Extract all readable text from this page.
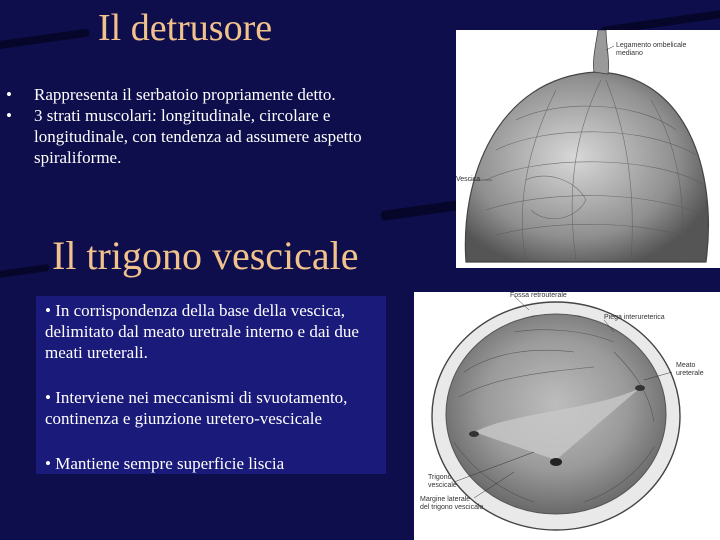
Il detrusore
• Rappresenta il serbatoio propriamente detto.
• 3 strati muscolari: longitudinale, circolare e longitudinale, con tendenza ad assumere aspetto spiraliforme.
Il trigono vescicale

• In corrispondenza della base della vescica, delimitato dal meato uretrale interno e dai due meati ureterali.

• Interviene nei meccanismi di svuotamento, continenza e giunzione uretero-vescicale

• Mantiene sempre superficie liscia

Legamento ombelicale
mediano
Vescica
Fossa retrouterale
Piega interureterica
Meato
ureterale
Trigono
vescicale
Margine laterale
del trigono vescicale
